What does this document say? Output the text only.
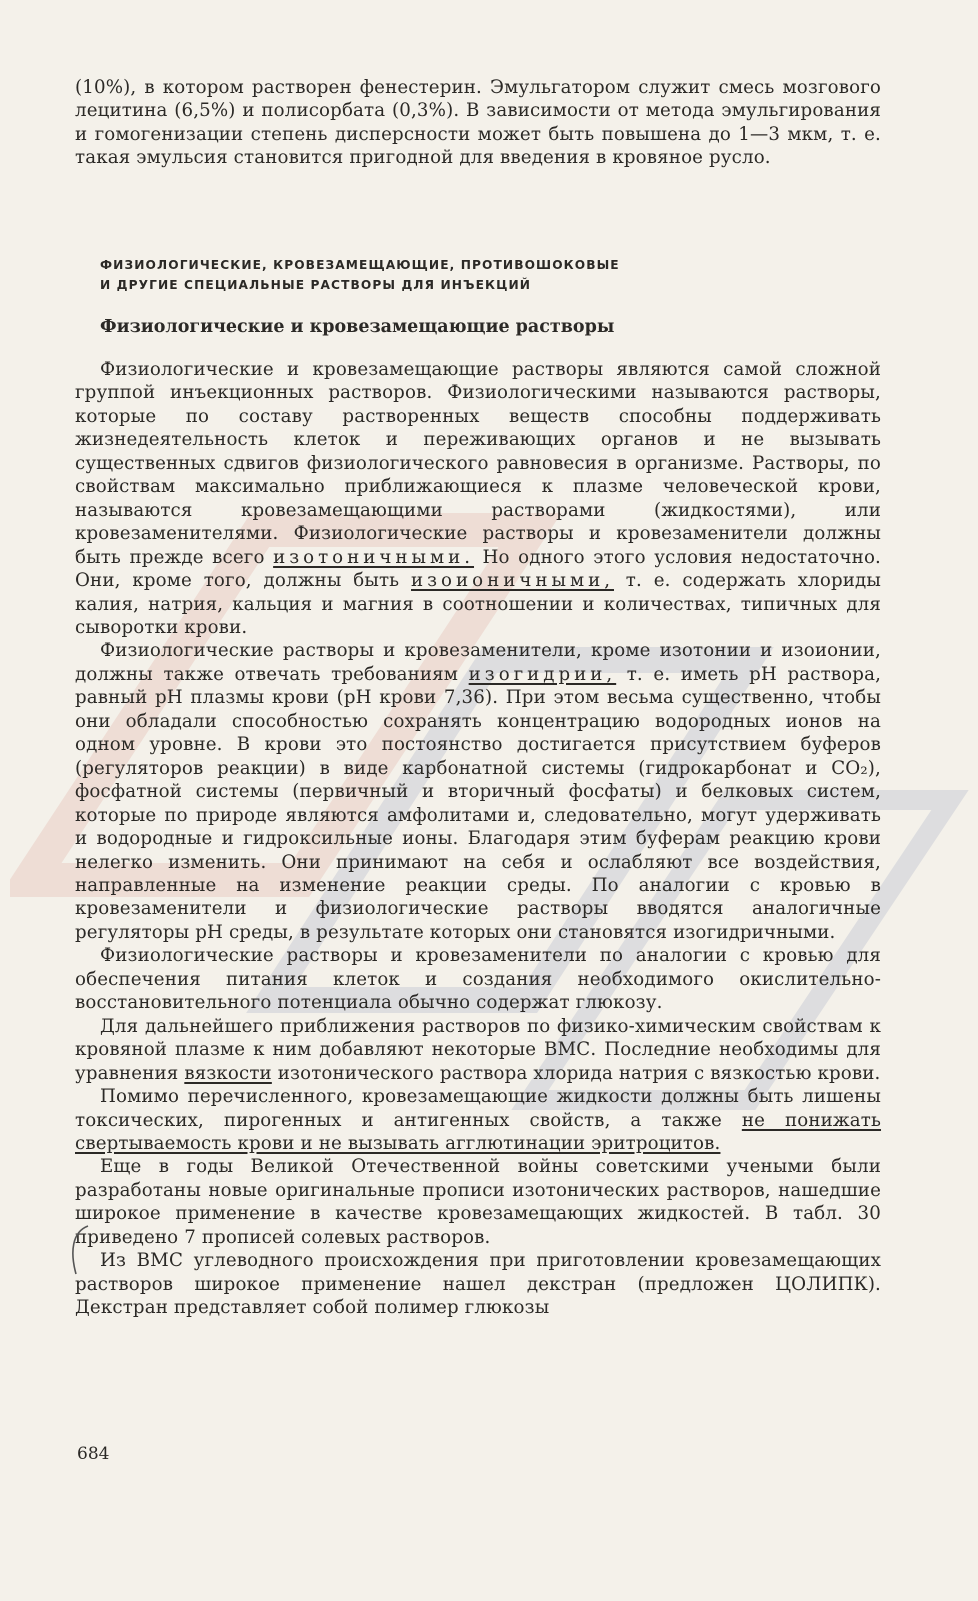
(10%), в котором растворен фенестерин. Эмульгатором служит смесь мозгового лецитина (6,5%) и полисорбата (0,3%). В зависимости от метода эмульгирования и гомогенизации степень дисперсности может быть повышена до 1—3 мкм, т. е. такая эмульсия становится пригодной для введения в кровяное русло.

ФИЗИОЛОГИЧЕСКИЕ, КРОВЕЗАМЕЩАЮЩИЕ, ПРОТИВОШОКОВЫЕ
И ДРУГИЕ СПЕЦИАЛЬНЫЕ РАСТВОРЫ ДЛЯ ИНЪЕКЦИЙ
Физиологические и кровезамещающие растворы

Физиологические и кровезамещающие растворы являются самой сложной группой инъекционных растворов. Физиологическими называются растворы, которые по составу растворенных веществ способны поддерживать жизнедеятельность клеток и переживающих органов и не вызывать существенных сдвигов физиологического равновесия в организме. Растворы, по свойствам максимально приближающиеся к плазме человеческой крови, называются кровезамещающими растворами (жидкостями), или кровезаменителями. Физиологические растворы и кровезаменители должны быть прежде всего изотоничными. Но одного этого условия недостаточно. Они, кроме того, должны быть изоионичными, т. е. содержать хлориды калия, натрия, кальция и магния в соотношении и количествах, типичных для сыворотки крови.

Физиологические растворы и кровезаменители, кроме изотонии и изоионии, должны также отвечать требованиям изогидрии, т. е. иметь pH раствора, равный pH плазмы крови (pH крови 7,36). При этом весьма существенно, чтобы они обладали способностью сохранять концентрацию водородных ионов на одном уровне. В крови это постоянство достигается присутствием буферов (регуляторов реакции) в виде карбонатной системы (гидрокарбонат и CO₂), фосфатной системы (первичный и вторичный фосфаты) и белковых систем, которые по природе являются амфолитами и, следовательно, могут удерживать и водородные и гидроксильные ионы. Благодаря этим буферам реакцию крови нелегко изменить. Они принимают на себя и ослабляют все воздействия, направленные на изменение реакции среды. По аналогии с кровью в кровезаменители и физиологические растворы вводятся аналогичные регуляторы pH среды, в результате которых они становятся изогидричными.

Физиологические растворы и кровезаменители по аналогии с кровью для обеспечения питания клеток и создания необходимого окислительно-восстановительного потенциала обычно содержат глюкозу.

Для дальнейшего приближения растворов по физико-химическим свойствам к кровяной плазме к ним добавляют некоторые ВМС. Последние необходимы для уравнения вязкости изотонического раствора хлорида натрия с вязкостью крови.

Помимо перечисленного, кровезамещающие жидкости должны быть лишены токсических, пирогенных и антигенных свойств, а также не понижать свертываемость крови и не вызывать агглютинации эритроцитов.

Еще в годы Великой Отечественной войны советскими учеными были разработаны новые оригинальные прописи изотонических растворов, нашедшие широкое применение в качестве кровезамещающих жидкостей. В табл. 30 приведено 7 прописей солевых растворов.

Из ВМС углеводного происхождения при приготовлении кровезамещающих растворов широкое применение нашел декстран (предложен ЦОЛИПК). Декстран представляет собой полимер глюкозы

684
